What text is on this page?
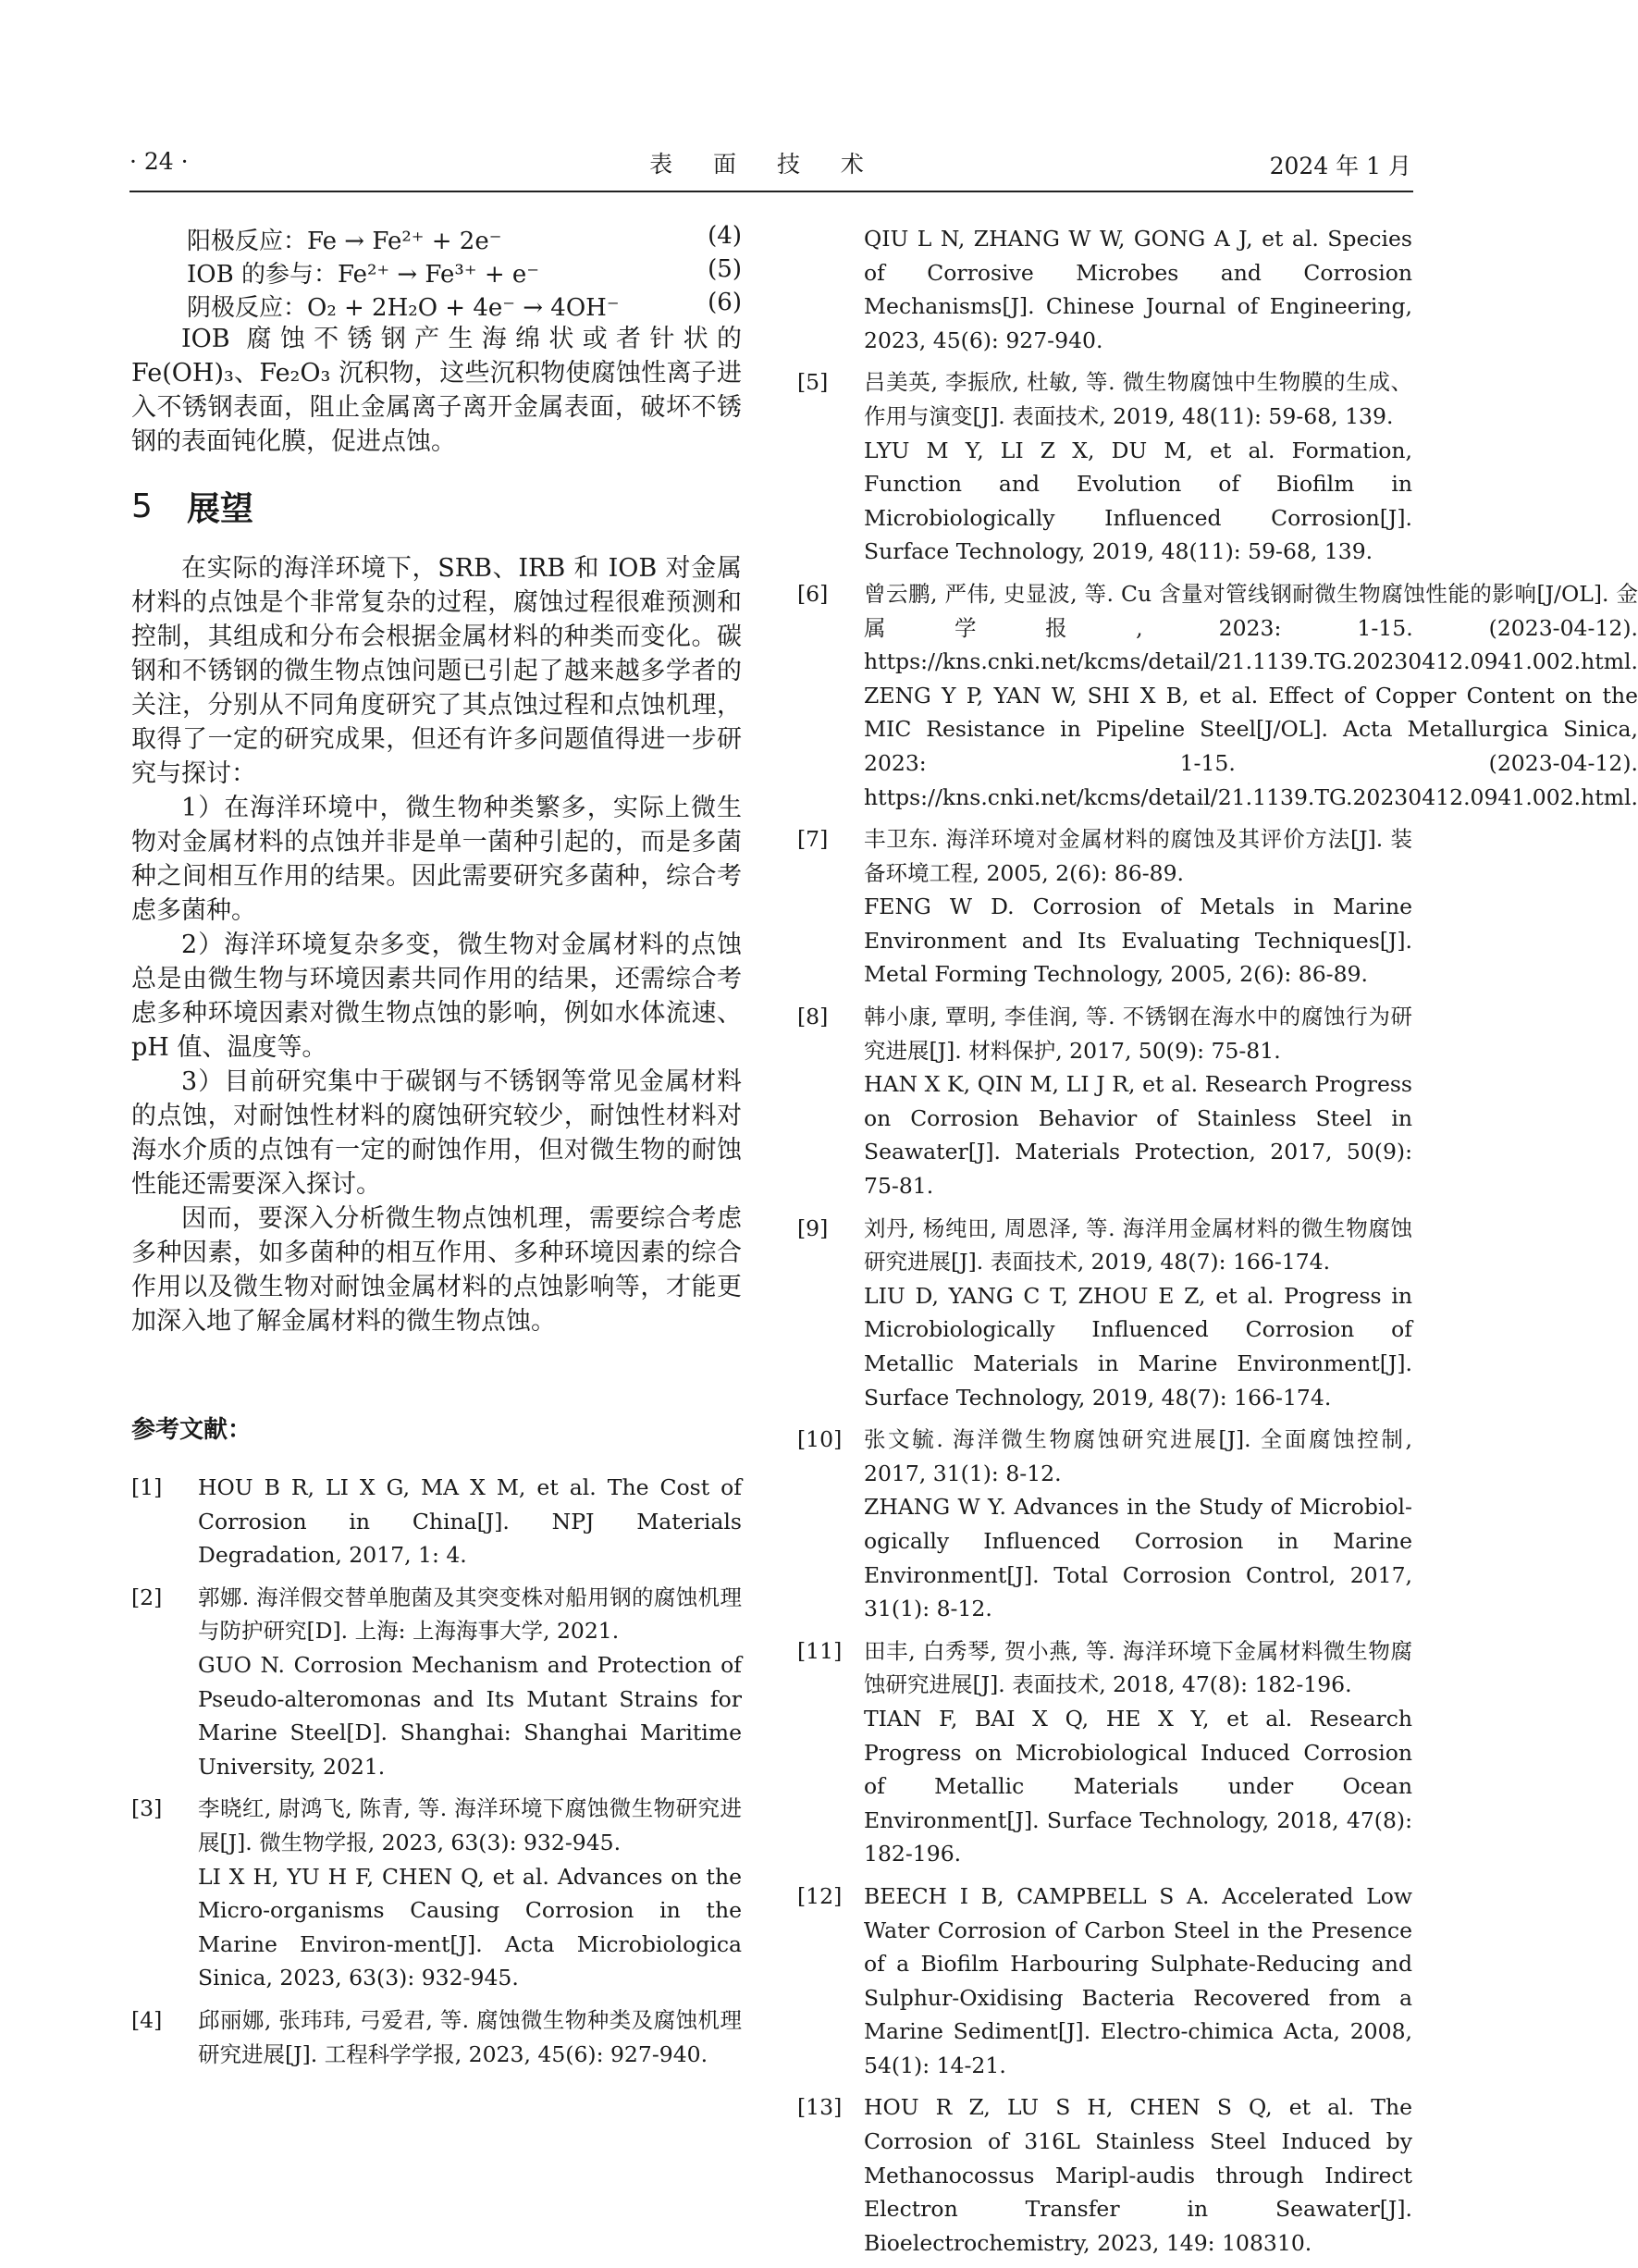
· 24 ·	表 面 技 术	2024 年 1 月
阳极反应：Fe → Fe²⁺ + 2e⁻	(4)
IOB 的参与：Fe²⁺ → Fe³⁺ + e⁻	(5)
阴极反应：O₂ + 2H₂O + 4e⁻ → 4OH⁻	(6)

IOB 腐蚀不锈钢产生海绵状或者针状的 Fe(OH)₃、Fe₂O₃ 沉积物，这些沉积物使腐蚀性离子进入不锈钢表面，阻止金属离子离开金属表面，破坏不锈钢的表面钝化膜，促进点蚀。

5	展望

在实际的海洋环境下，SRB、IRB 和 IOB 对金属材料的点蚀是个非常复杂的过程，腐蚀过程很难预测和控制，其组成和分布会根据金属材料的种类而变化。碳钢和不锈钢的微生物点蚀问题已引起了越来越多学者的关注，分别从不同角度研究了其点蚀过程和点蚀机理，取得了一定的研究成果，但还有许多问题值得进一步研究与探讨：

1）在海洋环境中，微生物种类繁多，实际上微生物对金属材料的点蚀并非是单一菌种引起的，而是多菌种之间相互作用的结果。因此需要研究多菌种，综合考虑多菌种。

2）海洋环境复杂多变，微生物对金属材料的点蚀总是由微生物与环境因素共同作用的结果，还需综合考虑多种环境因素对微生物点蚀的影响，例如水体流速、pH 值、温度等。

3）目前研究集中于碳钢与不锈钢等常见金属材料的点蚀，对耐蚀性材料的腐蚀研究较少，耐蚀性材料对海水介质的点蚀有一定的耐蚀作用，但对微生物的耐蚀性能还需要深入探讨。

因而，要深入分析微生物点蚀机理，需要综合考虑多种因素，如多菌种的相互作用、多种环境因素的综合作用以及微生物对耐蚀金属材料的点蚀影响等，才能更加深入地了解金属材料的微生物点蚀。

参考文献：
[1]	HOU B R, LI X G, MA X M, et al. The Cost of Corrosion in China[J]. NPJ Materials Degradation, 2017, 1: 4.
[2]	郭娜. 海洋假交替单胞菌及其突变株对船用钢的腐蚀机理与防护研究[D]. 上海: 上海海事大学, 2021.
GUO N. Corrosion Mechanism and Protection of Pseudo-alteromonas and Its Mutant Strains for Marine Steel[D]. Shanghai: Shanghai Maritime University, 2021.
[3]	李晓红, 尉鸿飞, 陈青, 等. 海洋环境下腐蚀微生物研究进展[J]. 微生物学报, 2023, 63(3): 932-945.
LI X H, YU H F, CHEN Q, et al. Advances on the Micro-organisms Causing Corrosion in the Marine Environ-ment[J]. Acta Microbiologica Sinica, 2023, 63(3): 932-945.
[4]	邱丽娜, 张玮玮, 弓爱君, 等. 腐蚀微生物种类及腐蚀机理研究进展[J]. 工程科学学报, 2023, 45(6): 927-940.
QIU L N, ZHANG W W, GONG A J, et al. Species of Corrosive Microbes and Corrosion Mechanisms[J]. Chinese Journal of Engineering, 2023, 45(6): 927-940.
[5]	吕美英, 李振欣, 杜敏, 等. 微生物腐蚀中生物膜的生成、作用与演变[J]. 表面技术, 2019, 48(11): 59-68, 139.
LYU M Y, LI Z X, DU M, et al. Formation, Function and Evolution of Biofilm in Microbiologically Influenced Corrosion[J]. Surface Technology, 2019, 48(11): 59-68, 139.
[6]	曾云鹏, 严伟, 史显波, 等. Cu 含量对管线钢耐微生物腐蚀性能的影响[J/OL]. 金属学报, 2023: 1-15. (2023-04-12). https://kns.cnki.net/kcms/detail/21.1139.TG.20230412.0941.002.html.
ZENG Y P, YAN W, SHI X B, et al. Effect of Copper Content on the MIC Resistance in Pipeline Steel[J/OL]. Acta Metallurgica Sinica, 2023: 1-15. (2023-04-12). https://kns.cnki.net/kcms/detail/21.1139.TG.20230412.0941.002.html.
[7]	丰卫东. 海洋环境对金属材料的腐蚀及其评价方法[J]. 装备环境工程, 2005, 2(6): 86-89.
FENG W D. Corrosion of Metals in Marine Environment and Its Evaluating Techniques[J]. Metal Forming Technology, 2005, 2(6): 86-89.
[8]	韩小康, 覃明, 李佳润, 等. 不锈钢在海水中的腐蚀行为研究进展[J]. 材料保护, 2017, 50(9): 75-81.
HAN X K, QIN M, LI J R, et al. Research Progress on Corrosion Behavior of Stainless Steel in Seawater[J]. Materials Protection, 2017, 50(9): 75-81.
[9]	刘丹, 杨纯田, 周恩泽, 等. 海洋用金属材料的微生物腐蚀研究进展[J]. 表面技术, 2019, 48(7): 166-174.
LIU D, YANG C T, ZHOU E Z, et al. Progress in Microbiologically Influenced Corrosion of Metallic Materials in Marine Environment[J]. Surface Technology, 2019, 48(7): 166-174.
[10]	张文毓. 海洋微生物腐蚀研究进展[J]. 全面腐蚀控制, 2017, 31(1): 8-12.
ZHANG W Y. Advances in the Study of Microbiol-ogically Influenced Corrosion in Marine Environment[J]. Total Corrosion Control, 2017, 31(1): 8-12.
[11]	田丰, 白秀琴, 贺小燕, 等. 海洋环境下金属材料微生物腐蚀研究进展[J]. 表面技术, 2018, 47(8): 182-196.
TIAN F, BAI X Q, HE X Y, et al. Research Progress on Microbiological Induced Corrosion of Metallic Materials under Ocean Environment[J]. Surface Technology, 2018, 47(8): 182-196.
[12]	BEECH I B, CAMPBELL S A. Accelerated Low Water Corrosion of Carbon Steel in the Presence of a Biofilm Harbouring Sulphate-Reducing and Sulphur-Oxidising Bacteria Recovered from a Marine Sediment[J]. Electro-chimica Acta, 2008, 54(1): 14-21.
[13]	HOU R Z, LU S H, CHEN S Q, et al. The Corrosion of 316L Stainless Steel Induced by Methanocossus Maripl-audis through Indirect Electron Transfer in Seawater[J]. Bioelectrochemistry, 2023, 149: 108310.
